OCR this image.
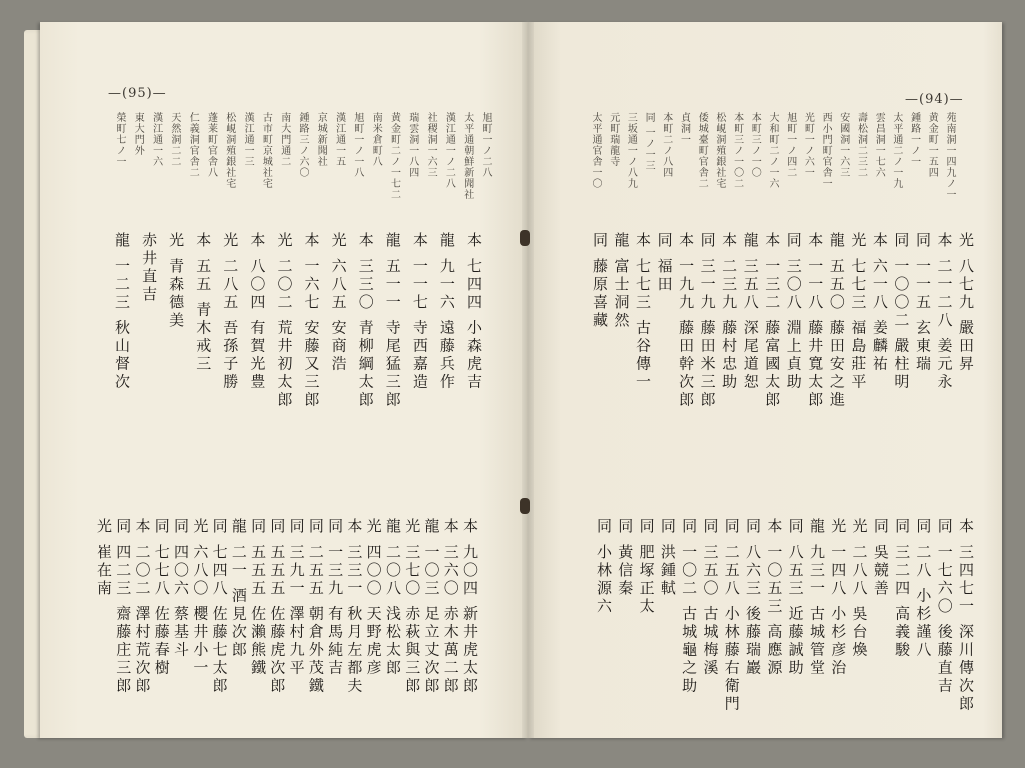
—(95)—	—(94)—
旭町一ノ二八
太平通朝鮮新聞社
漢江通一ノ二八
社稷洞一六三
瑞雲洞一八四
黄金町二ノ一七二
南米倉町八
旭町一ノ一八
漢江通一五
京城新聞社
鍾路三ノ六〇
南大門通二
古市町京城社宅
漢江通一三
松峴洞殖銀社宅
蓬莱町官舎八
仁義洞官舎二
天然洞二二
漢江通一六
東大門外
榮町七ノ一
本 七四四 小森虎吉
龍 九一六 遠藤兵作
本 一一七 寺西嘉造
龍 五一一 寺尾猛三郎
本 三三〇 青柳綱太郎
光 六八五 安商浩
本 一六七 安藤又三郎
光 二〇二 荒井初太郎
本 八〇四 有賀光豊
光 二八五 吾孫子勝
本 五五 青木戒三
光 青森德美
赤井直吉
龍 一二三 秋山督次
本 九〇四 新井虎太郎
本 三六〇 赤木萬二郎
龍 一〇三 足立丈次郎
光 三七〇 赤萩與三郎
龍 二〇八 浅松太郎
光 四〇〇 天野虎彦
本 三三一 秋月左都夫
同 一三九 有馬純吉
同 二五五 朝倉外茂鐵
同 三九一 澤村九平
同 五五五 佐藤虎次郎
同 五五五 佐瀨熊鐵
龍 二一 酒見次郎
同 七四八 佐藤七太郎
光 六八〇 櫻井小一
同 四〇六 蔡基斗
同 七七八 佐藤春樹
本 二〇二 澤村荒次郎
同 四二三 齋藤庄三郎
光 崔在南
苑南洞一四九ノ一
黄金町一五四
鍾路一ノ一
太平通二ノ一九
雲昌洞一七六
壽松洞二三二
安國洞一六三
西小門町官舎一
光町一ノ六一
旭町一ノ四二
大和町二ノ一六
本町三ノ一〇
本町三ノ一〇二
松峴洞殖銀社宅
倭城臺町官舎二
貞洞一
本町二ノ八四
同 一ノ一三
三坂通一ノ八九
元町瑞龍寺
太平通官舎一〇
光 八七九 嚴田昇
本 二一二八 姜元永
同 一一五 玄東瑞
同 一〇〇二 嚴柱明
本 六一八 姜麟祐
光 七七三 福島莊平
龍 五五〇 藤田安之進
本 一一八 藤井寬太郎
同 三〇八 淵上貞助
本 一三二 藤富國太郎
龍 三五八 深尾道恕
本 二三九 藤村忠助
同 三一九 藤田米三郎
本 一九九 藤田幹次郎
同 福田
本 七七三 古谷傳一
龍 富士洞然
同 藤原喜藏
本 三四七一 深川傳次郎
同 一七六〇 後藤直吉
同 二八 小杉謹八
同 三二四 高義駿
同 吳競善
光 二八八 吳台煥
光 一四八 小杉彦治
龍 九三一 古城管堂
同 八五三 近藤誠助
本 一〇五三 高應源
同 八六三 後藤瑞巖
同 二五八 小林藤右衛門
同 三五〇 古城梅溪
同 一〇二 古城龜之助
同 洪鍾軾
同 肥塚正太
同 黃信秦
同 小林源六
